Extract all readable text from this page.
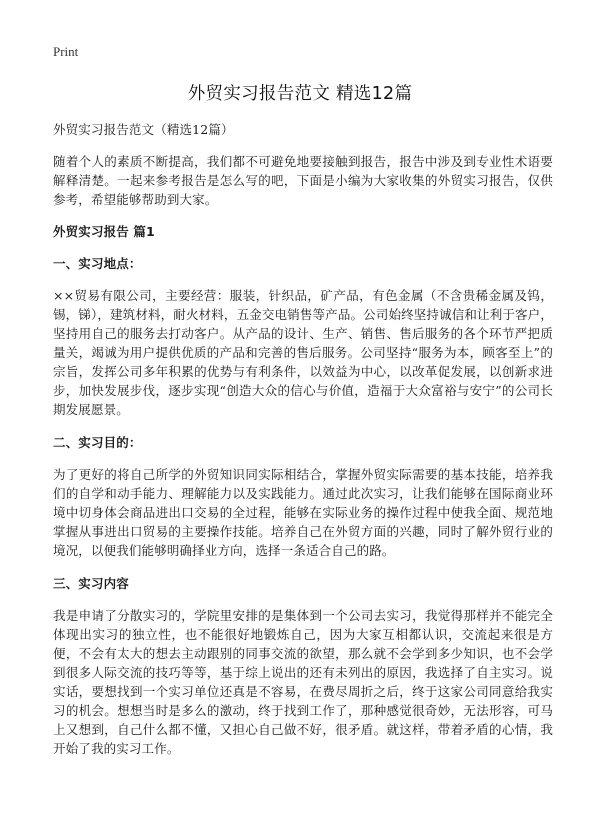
Print
外贸实习报告范文 精选12篇

外贸实习报告范文（精选12篇）

随着个人的素质不断提高，我们都不可避免地要接触到报告，报告中涉及到专业性术语要解释清楚。一起来参考报告是怎么写的吧，下面是小编为大家收集的外贸实习报告，仅供参考，希望能够帮助到大家。

外贸实习报告 篇1

一、实习地点：

××贸易有限公司，主要经营：服装，针织品，矿产品，有色金属（不含贵稀金属及钨，锡，锑），建筑材料，耐火材料，五金交电销售等产品。公司始终坚持诚信和让利于客户，坚持用自己的服务去打动客户。从产品的设计、生产、销售、售后服务的各个环节严把质量关，竭诚为用户提供优质的产品和完善的售后服务。公司坚持“服务为本，顾客至上”的宗旨，发挥公司多年积累的优势与有利条件，以效益为中心，以改革促发展，以创新求进步，加快发展步伐，逐步实现“创造大众的信心与价值，造福于大众富裕与安宁”的公司长期发展愿景。

二、实习目的：

为了更好的将自己所学的外贸知识同实际相结合，掌握外贸实际需要的基本技能，培养我们的自学和动手能力、理解能力以及实践能力。通过此次实习，让我们能够在国际商业环境中切身体会商品进出口交易的全过程，能够在实际业务的操作过程中使我全面、规范地掌握从事进出口贸易的主要操作技能。培养自己在外贸方面的兴趣，同时了解外贸行业的境况，以便我们能够明确择业方向，选择一条适合自己的路。

三、实习内容

我是申请了分散实习的，学院里安排的是集体到一个公司去实习，我觉得那样并不能完全体现出实习的独立性，也不能很好地锻炼自己，因为大家互相都认识，交流起来很是方便，不会有太大的想去主动跟别的同事交流的欲望，那么就不会学到多少知识，也不会学到很多人际交流的技巧等等，基于综上说出的还有未列出的原因，我选择了自主实习。说实话，要想找到一个实习单位还真是不容易，在费尽周折之后，终于这家公司同意给我实习的机会。想想当时是多么的激动，终于找到工作了，那种感觉很奇妙，无法形容，可马上又想到，自己什么都不懂，又担心自己做不好，很矛盾。就这样，带着矛盾的心情，我开始了我的实习工作。
